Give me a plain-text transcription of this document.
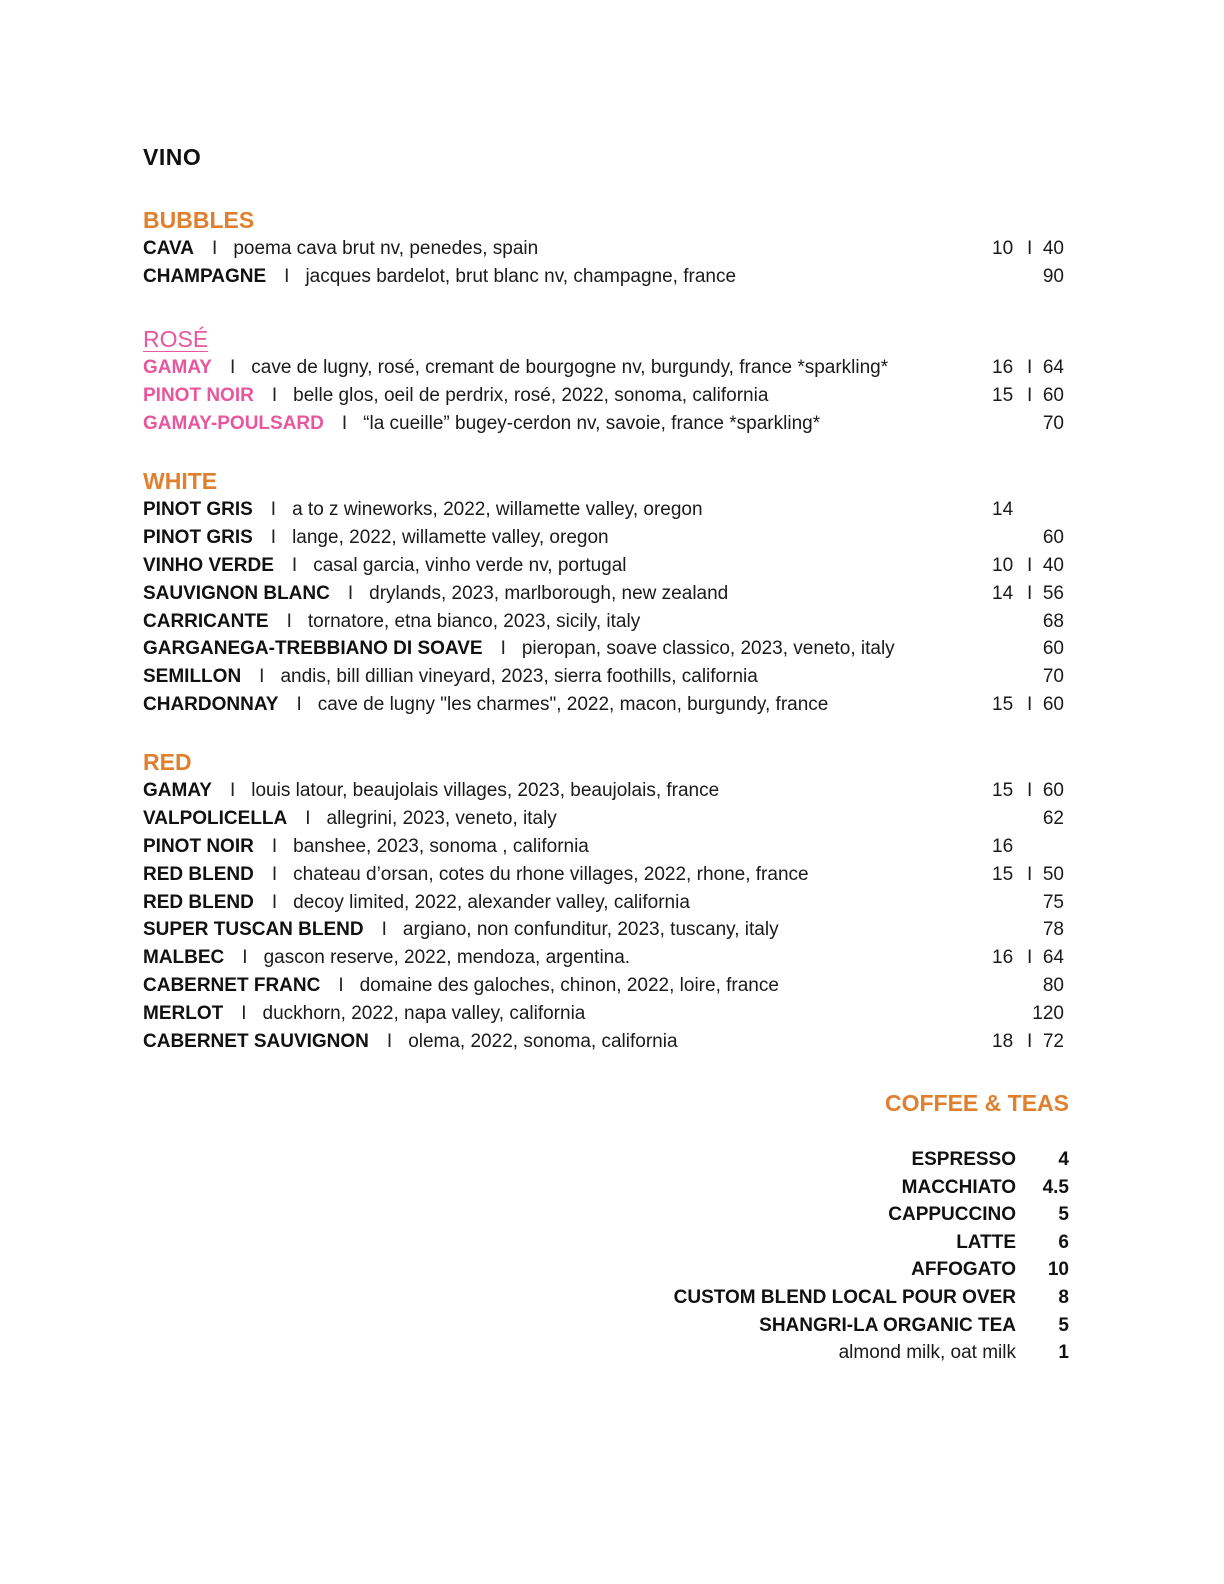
VINO
BUBBLES
CAVA I poema cava brut nv, penedes, spain	10 I 40
CHAMPAGNE I jacques bardelot, brut blanc nv, champagne, france	90
ROSÉ
GAMAY I cave de lugny, rosé, cremant de bourgogne nv, burgundy, france *sparkling*	16 I 64
PINOT NOIR I belle glos, oeil de perdrix, rosé, 2022, sonoma, california	15 I 60
GAMAY-POULSARD I “la cueille” bugey-cerdon nv, savoie, france *sparkling*	70
WHITE
PINOT GRIS I a to z wineworks, 2022, willamette valley, oregon	14
PINOT GRIS I lange, 2022, willamette valley, oregon	60
VINHO VERDE I casal garcia, vinho verde nv, portugal	10 I 40
SAUVIGNON BLANC I drylands, 2023, marlborough, new zealand	14 I 56
CARRICANTE I tornatore, etna bianco, 2023, sicily, italy	68
GARGANEGA-TREBBIANO DI SOAVE I pieropan, soave classico, 2023, veneto, italy	60
SEMILLON I andis, bill dillian vineyard, 2023, sierra foothills, california	70
CHARDONNAY I cave de lugny "les charmes", 2022, macon, burgundy, france	15 I 60
RED
GAMAY I louis latour, beaujolais villages, 2023, beaujolais, france	15 I 60
VALPOLICELLA I allegrini, 2023, veneto, italy	62
PINOT NOIR I banshee, 2023, sonoma , california	16
RED BLEND I chateau d’orsan, cotes du rhone villages, 2022, rhone, france	15 I 50
RED BLEND I decoy limited, 2022, alexander valley, california	75
SUPER TUSCAN BLEND I argiano, non confunditur, 2023, tuscany, italy	78
MALBEC I gascon reserve, 2022, mendoza, argentina.	16 I 64
CABERNET FRANC I domaine des galoches, chinon, 2022, loire, france	80
MERLOT I duckhorn, 2022, napa valley, california	120
CABERNET SAUVIGNON I olema, 2022, sonoma, california	18 I 72
COFFEE & TEAS
ESPRESSO 4
MACCHIATO 4.5
CAPPUCCINO 5
LATTE 6
AFFOGATO 10
CUSTOM BLEND LOCAL POUR OVER 8
SHANGRI-LA ORGANIC TEA 5
almond milk, oat milk 1
